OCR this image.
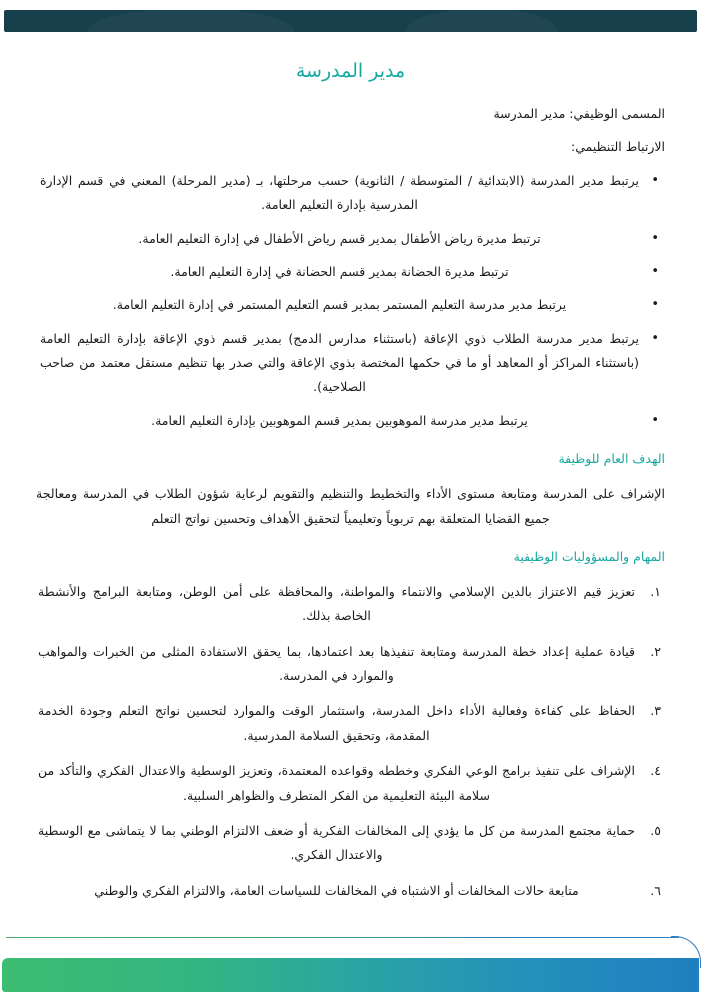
مدير المدرسة

المسمى الوظيفي: مدير المدرسة

الارتباط التنظيمي:

• يرتبط مدير المدرسة (الابتدائية / المتوسطة / الثانوية) حسب مرحلتها، بـ (مدير المرحلة) المعني في قسم الإدارة المدرسية بإدارة التعليم العامة.
• ترتبط مديرة رياض الأطفال بمدير قسم رياض الأطفال في إدارة التعليم العامة.
• ترتبط مديرة الحضانة بمدير قسم الحضانة في إدارة التعليم العامة.
• يرتبط مدير مدرسة التعليم المستمر بمدير قسم التعليم المستمر في إدارة التعليم العامة.
• يرتبط مدير مدرسة الطلاب ذوي الإعاقة (باستثناء مدارس الدمج) بمدير قسم ذوي الإعاقة بإدارة التعليم العامة (باستثناء المراكز أو المعاهد أو ما في حكمها المختصة بذوي الإعاقة والتي صدر بها تنظيم مستقل معتمد من صاحب الصلاحية).
• يرتبط مدير مدرسة الموهوبين بمدير قسم الموهوبين بإدارة التعليم العامة.
الهدف العام للوظيفة

الإشراف على المدرسة ومتابعة مستوى الأداء والتخطيط والتنظيم والتقويم لرعاية شؤون الطلاب في المدرسة ومعالجة جميع القضايا المتعلقة بهم تربوياً وتعليمياً لتحقيق الأهداف وتحسين نواتج التعلم

المهام والمسؤوليات الوظيفية
١.
تعزيز قيم الاعتزاز بالدين الإسلامي والانتماء والمواطنة، والمحافظة على أمن الوطن، ومتابعة البرامج والأنشطة الخاصة بذلك.
٢.
قيادة عملية إعداد خطة المدرسة ومتابعة تنفيذها بعد اعتمادها، بما يحقق الاستفادة المثلى من الخبرات والمواهب والموارد في المدرسة.
٣.
الحفاظ على كفاءة وفعالية الأداء داخل المدرسة، واستثمار الوقت والموارد لتحسين نواتج التعلم وجودة الخدمة المقدمة، وتحقيق السلامة المدرسية.
٤.
الإشراف على تنفيذ برامج الوعي الفكري وخططه وقواعده المعتمدة، وتعزيز الوسطية والاعتدال الفكري والتأكد من سلامة البيئة التعليمية من الفكر المتطرف والظواهر السلبية.
٥.
حماية مجتمع المدرسة من كل ما يؤدي إلى المخالفات الفكرية أو ضعف الالتزام الوطني بما لا يتماشى مع الوسطية والاعتدال الفكري.
٦.
متابعة حالات المخالفات أو الاشتباه في المخالفات للسياسات العامة، والالتزام الفكري والوطني
